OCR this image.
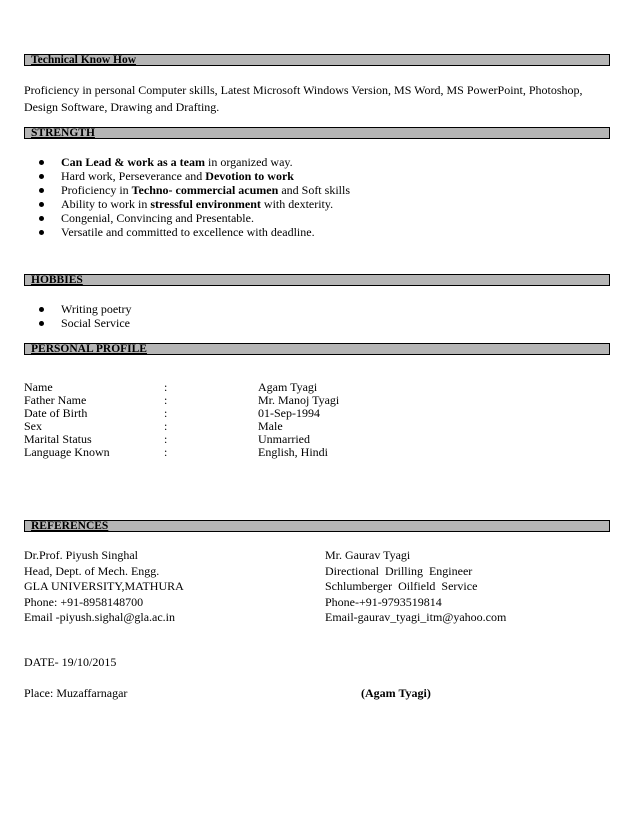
Technical Know How
Proficiency in personal Computer skills, Latest Microsoft Windows Version, MS Word, MS PowerPoint, Photoshop, Design Software, Drawing and Drafting.
STRENGTH
Can Lead & work as a team in organized way.
Hard work, Perseverance and Devotion to work
Proficiency in Techno- commercial acumen and Soft skills
Ability to work in stressful environment with dexterity.
Congenial, Convincing and Presentable.
Versatile and committed to excellence with deadline.
HOBBIES
Writing poetry
Social Service
PERSONAL PROFILE
Name	:	Agam Tyagi
Father Name	:	Mr. Manoj Tyagi
Date of Birth	:	01-Sep-1994
Sex	:	Male
Marital Status	:	Unmarried
Language Known	:	English, Hindi
REFERENCES
Dr.Prof. Piyush Singhal
Head, Dept. of Mech. Engg.
GLA UNIVERSITY,MATHURA
Phone: +91-8958148700
Email -piyush.sighal@gla.ac.in
Mr. Gaurav Tyagi
Directional  Drilling  Engineer
Schlumberger  Oilfield  Service
Phone-+91-9793519814
Email-gaurav_tyagi_itm@yahoo.com
DATE- 19/10/2015
Place: Muzaffarnagar	(Agam Tyagi)
